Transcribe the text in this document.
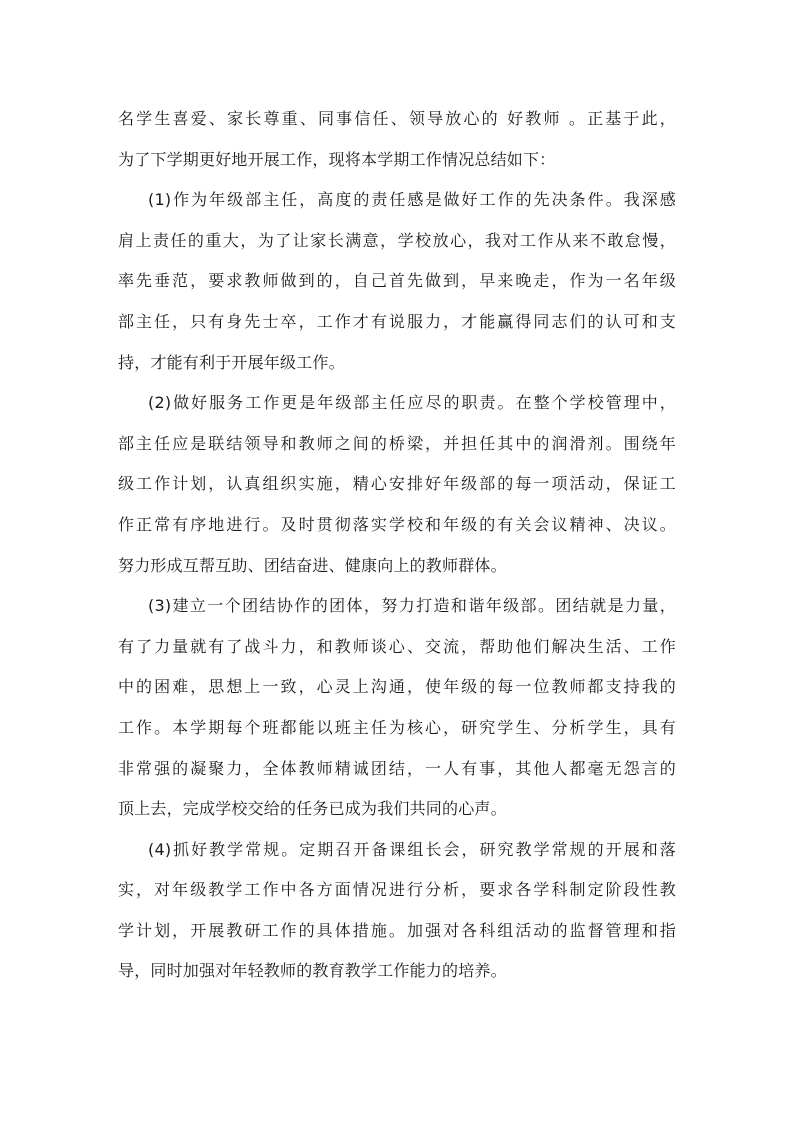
名学生喜爱、家长尊重、同事信任、领导放心的 好教师 。正基于此，
为了下学期更好地开展工作，现将本学期工作情况总结如下：
(1)作为年级部主任，高度的责任感是做好工作的先决条件。我深感
肩上责任的重大，为了让家长满意，学校放心，我对工作从来不敢怠慢，
率先垂范，要求教师做到的，自己首先做到，早来晚走，作为一名年级
部主任，只有身先士卒，工作才有说服力，才能赢得同志们的认可和支
持，才能有利于开展年级工作。
(2)做好服务工作更是年级部主任应尽的职责。在整个学校管理中，
部主任应是联结领导和教师之间的桥梁，并担任其中的润滑剂。围绕年
级工作计划，认真组织实施，精心安排好年级部的每一项活动，保证工
作正常有序地进行。及时贯彻落实学校和年级的有关会议精神、决议。
努力形成互帮互助、团结奋进、健康向上的教师群体。
(3)建立一个团结协作的团体，努力打造和谐年级部。团结就是力量，
有了力量就有了战斗力，和教师谈心、交流，帮助他们解决生活、工作
中的困难，思想上一致，心灵上沟通，使年级的每一位教师都支持我的
工作。本学期每个班都能以班主任为核心，研究学生、分析学生，具有
非常强的凝聚力，全体教师精诚团结，一人有事，其他人都毫无怨言的
顶上去，完成学校交给的任务已成为我们共同的心声。
(4)抓好教学常规。定期召开备课组长会，研究教学常规的开展和落
实，对年级教学工作中各方面情况进行分析，要求各学科制定阶段性教
学计划，开展教研工作的具体措施。加强对各科组活动的监督管理和指
导，同时加强对年轻教师的教育教学工作能力的培养。
